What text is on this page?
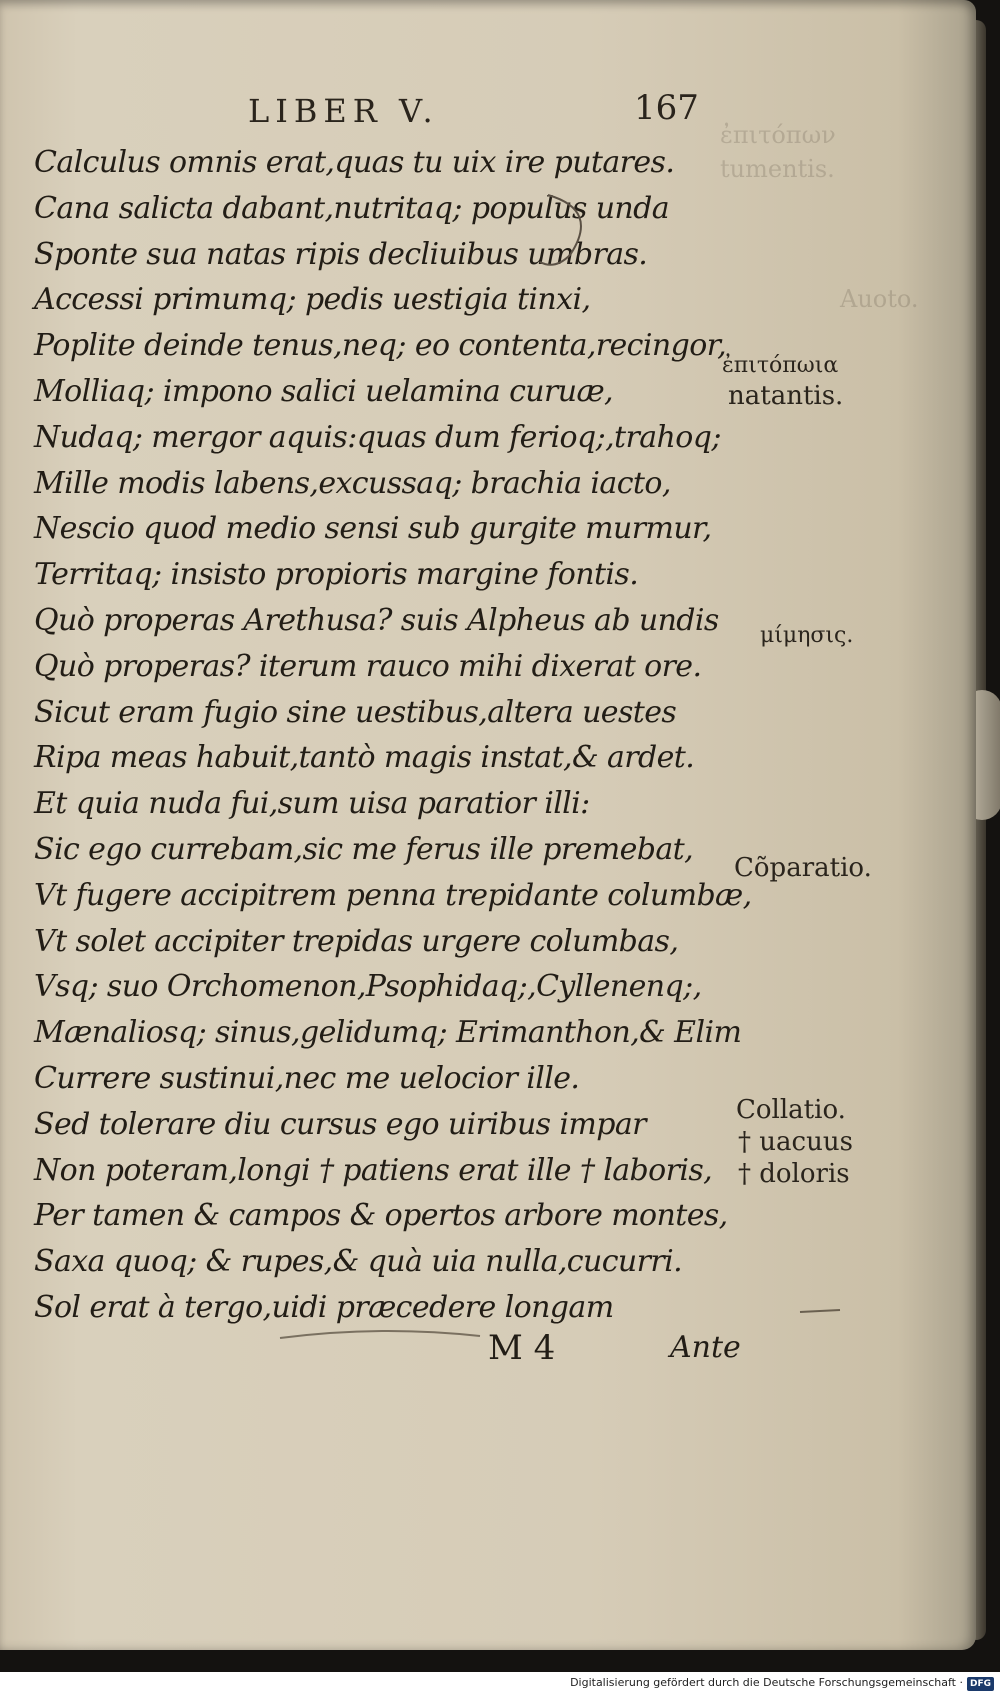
ἐπιτόπων
tumentis.
Auoto.
LIBER V.	167
Calculus omnis erat,quas tu uix ire putares.
Cana salicta dabant,nutritaq; populus unda
Sponte sua natas ripis decliuibus umbras.
Accessi primumq; pedis uestigia tinxi,
Poplite deinde tenus,neq; eo contenta,recingor,
Molliaq; impono salici uelamina curuæ,
Nudaq; mergor aquis:quas dum ferioq;,trahoq;
Mille modis labens,excussaq; brachia iacto,
Nescio quod medio sensi sub gurgite murmur,
Territaq; insisto propioris margine fontis.
Quò properas Arethusa? suis Alpheus ab undis
Quò properas? iterum rauco mihi dixerat ore.
Sicut eram fugio sine uestibus,altera uestes
Ripa meas habuit,tantò magis instat,& ardet.
Et quia nuda fui,sum uisa paratior illi:
Sic ego currebam,sic me ferus ille premebat,
Vt fugere accipitrem penna trepidante columbæ,
Vt solet accipiter trepidas urgere columbas,
Vsq; suo Orchomenon,Psophidaq;,Cyllenenq;,
Mænaliosq; sinus,gelidumq; Erimanthon,& Elim
Currere sustinui,nec me uelocior ille.
Sed tolerare diu cursus ego uiribus impar
Non poteram,longi † patiens erat ille † laboris,
Per tamen & campos & opertos arbore montes,
Saxa quoq; & rupes,& quà uia nulla,cucurri.
Sol erat à tergo,uidi præcedere longam
ἐπιτόπωια
natantis.
μίμησις.
Cõparatio.
Collatio.
† uacuus
† doloris
M 4	Ante
Digitalisierung gefördert durch die Deutsche Forschungsgemeinschaft · DFG
